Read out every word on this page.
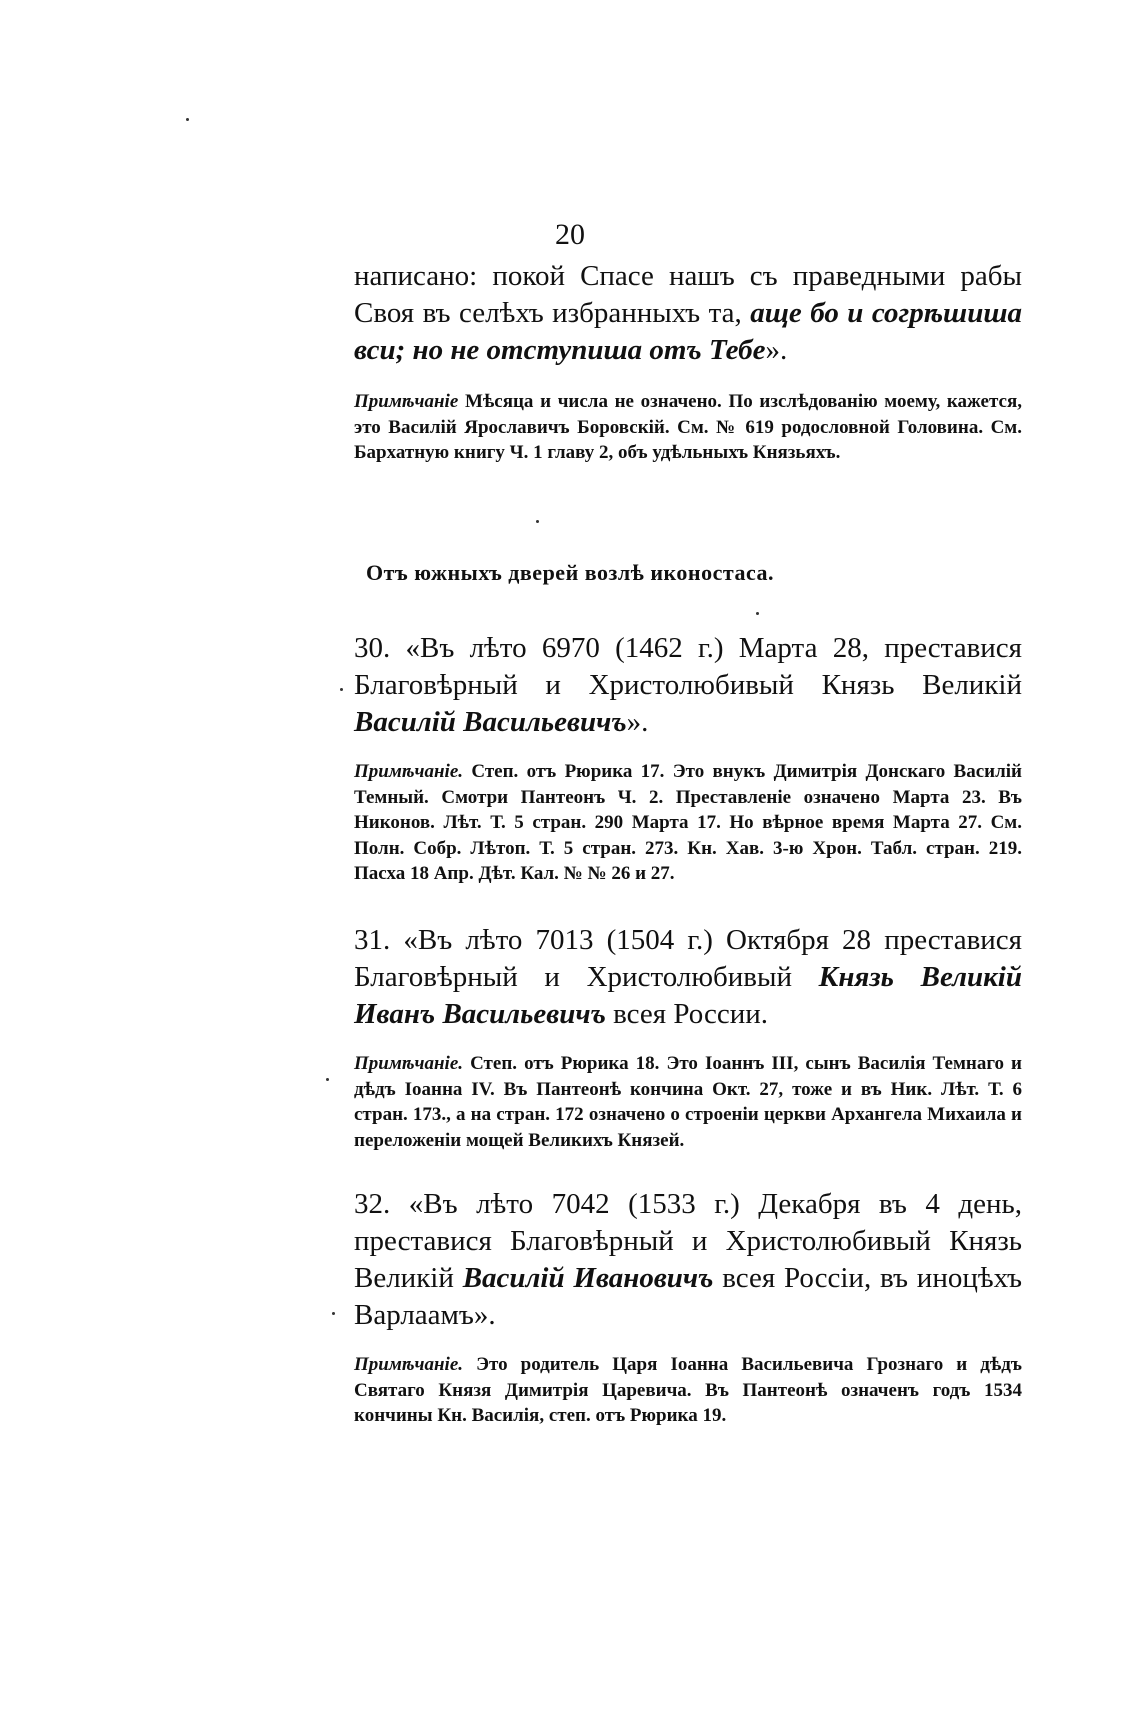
20

написано: покой Спасе нашъ съ праведными рабы Своя въ селѣхъ избранныхъ та, аще бо и согрѣшиша вси; но не отступиша отъ Тебе».

Примѣчаніе Мѣсяца и числа не означено. По изслѣдованію моему, кажется, это Василій Ярославичъ Боровскій. См. № 619 родословной Головина. См. Бархатную книгу Ч. 1 главу 2, объ удѣльныхъ Князьяхъ.

Отъ южныхъ дверей возлѣ иконостаса.

30. «Въ лѣто 6970 (1462 г.) Марта 28, преставися Благовѣрный и Христолюбивый Князь Великій Василій Васильевичъ».

Примѣчаніе. Степ. отъ Рюрика 17. Это внукъ Димитрія Донскаго Василій Темный. Смотри Пантеонъ Ч. 2. Преставленіе означено Марта 23. Въ Никонов. Лѣт. Т. 5 стран. 290 Марта 17. Но вѣрное время Марта 27. См. Полн. Собр. Лѣтоп. Т. 5 стран. 273. Кн. Хав. 3-ю Хрон. Табл. стран. 219. Пасха 18 Апр. Дѣт. Кал. № № 26 и 27.

31. «Въ лѣто 7013 (1504 г.) Октября 28 преставися Благовѣрный и Христолюбивый Князь Великій Иванъ Васильевичъ всея России.

Примѣчаніе. Степ. отъ Рюрика 18. Это Іоаннъ III, сынъ Василія Темнаго и дѣдъ Іоанна IV. Въ Пантеонѣ кончина Окт. 27, тоже и въ Ник. Лѣт. Т. 6 стран. 173., а на стран. 172 означено о строеніи церкви Архангела Михаила и переложеніи мощей Великихъ Князей.

32. «Въ лѣто 7042 (1533 г.) Декабря въ 4 день, преставися Благовѣрный и Христолюбивый Князь Великій Василій Ивановичъ всея Россіи, въ иноцѣхъ Варлаамъ».

Примѣчаніе. Это родитель Царя Іоанна Васильевича Грознаго и дѣдъ Святаго Князя Димитрія Царевича. Въ Пантеонѣ означенъ годъ 1534 кончины Кн. Василія, степ. отъ Рюрика 19.
